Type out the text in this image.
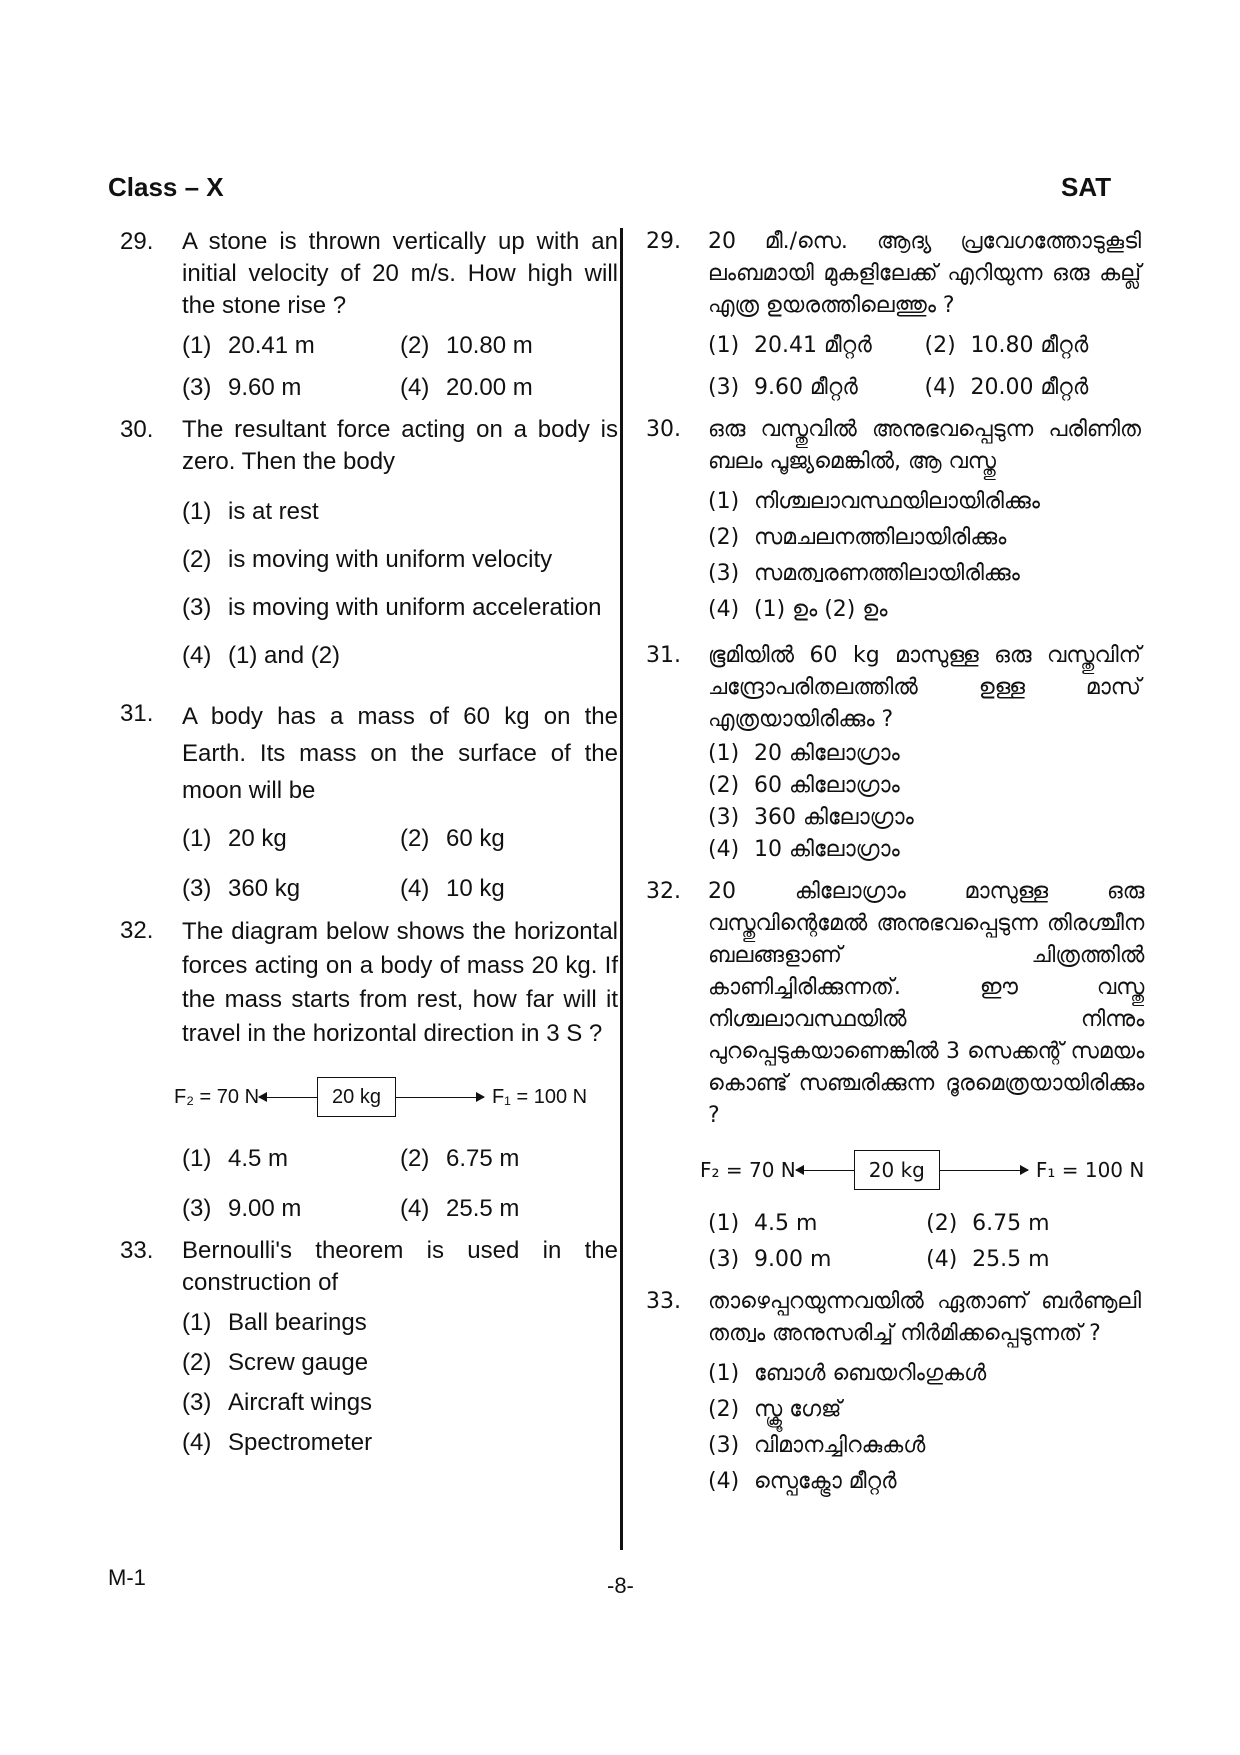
Class – X	SAT
29.	A stone is thrown vertically up with an initial velocity of 20 m/s. How high will the stone rise ?
(1) 20.41 m	(2) 10.80 m
(3) 9.60 m	(4) 20.00 m
30.	The resultant force acting on a body is zero. Then the body
(1) is at rest
(2) is moving with uniform velocity
(3) is moving with uniform acceleration
(4) (1) and (2)
31.	A body has a mass of 60 kg on the Earth. Its mass on the surface of the moon will be
(1) 20 kg	(2) 60 kg
(3) 360 kg	(4) 10 kg
32.	The diagram below shows the horizontal forces acting on a body of mass 20 kg. If the mass starts from rest, how far will it travel in the horizontal direction in 3 S ?
F₂ = 70 N	20 kg	F₁ = 100 N
(1) 4.5 m	(2) 6.75 m
(3) 9.00 m	(4) 25.5 m
33.	Bernoulli's theorem is used in the construction of
(1) Ball bearings
(2) Screw gauge
(3) Aircraft wings
(4) Spectrometer
29.	20 മീ./സെ. ആദ്യ പ്രവേഗത്തോടുകൂടി ലംബമായി മുകളിലേക്ക് എറിയുന്ന ഒരു കല്ല് എത്ര ഉയരത്തിലെത്തും ?
(1) 20.41 മീറ്റർ	(2) 10.80 മീറ്റർ
(3) 9.60 മീറ്റർ	(4) 20.00 മീറ്റർ
30.	ഒരു വസ്തുവിൽ അനുഭവപ്പെടുന്ന പരിണിത ബലം പൂജ്യമെങ്കിൽ, ആ വസ്തു
(1) നിശ്ചലാവസ്ഥയിലായിരിക്കും
(2) സമചലനത്തിലായിരിക്കും
(3) സമത്വരണത്തിലായിരിക്കും
(4) (1) ഉം (2) ഉം
31.	ഭൂമിയിൽ 60 kg മാസുള്ള ഒരു വസ്തുവിന് ചന്ദ്രോപരിതലത്തിൽ ഉള്ള മാസ് എത്രയായിരിക്കും ?
(1) 20 കിലോഗ്രാം
(2) 60 കിലോഗ്രാം
(3) 360 കിലോഗ്രാം
(4) 10 കിലോഗ്രാം
32.	20 കിലോഗ്രാം മാസുള്ള ഒരു വസ്തുവിന്റെമേൽ അനുഭവപ്പെടുന്ന തിരശ്ചീന ബലങ്ങളാണ് ചിത്രത്തിൽ കാണിച്ചിരിക്കുന്നത്. ഈ വസ്തു നിശ്ചലാവസ്ഥയിൽ നിന്നും പുറപ്പെടുകയാണെങ്കിൽ 3 സെക്കന്റ് സമയം കൊണ്ട് സഞ്ചരിക്കുന്ന ദൂരമെത്രയായിരിക്കും ?
F₂ = 70 N	20 kg	F₁ = 100 N
(1) 4.5 m	(2) 6.75 m
(3) 9.00 m	(4) 25.5 m
33.	താഴെപ്പറയുന്നവയിൽ ഏതാണ് ബർണൂലി തത്വം അനുസരിച്ച് നിർമിക്കപ്പെടുന്നത് ?
(1) ബോൾ ബെയറിംഗുകൾ
(2) സ്ക്രൂ ഗേജ്
(3) വിമാനച്ചിറകുകൾ
(4) സ്പെക്ട്രോ മീറ്റർ
M-1	-8-
